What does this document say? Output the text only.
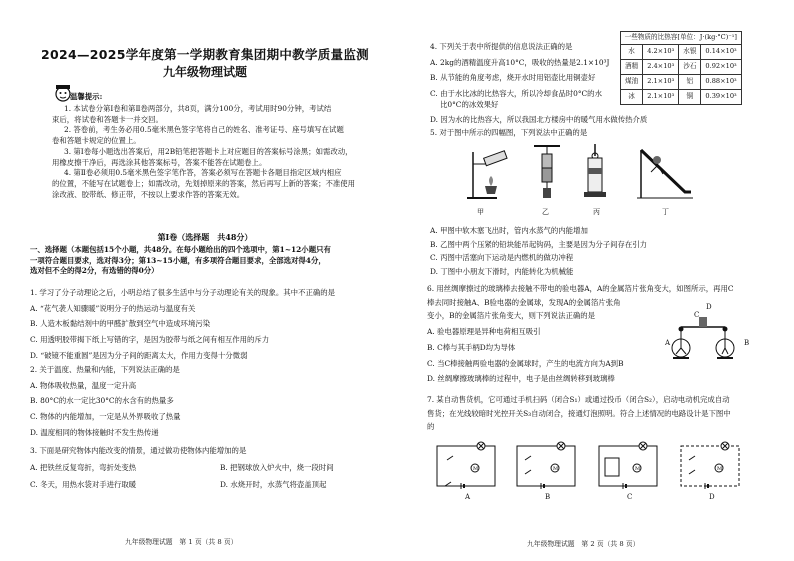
2024—2025学年度第一学期教育集团期中教学质量监测
九年级物理试题
温馨提示:
1. 本试卷分第Ⅰ卷和第Ⅱ卷两部分，共8页，满分100分，考试用时90分钟，考试结
束后，将试卷和答题卡一并交回。
2. 答卷前，考生务必用0.5毫米黑色签字笔将自己的姓名、准考证号、座号填写在试题
卷和答题卡规定的位置上。
3. 第Ⅰ卷每小题选出答案后，用2B铅笔把答题卡上对应题目的答案标号涂黑；如需改动，
用橡皮擦干净后，再选涂其他答案标号，答案不能答在试题卷上。
4. 第Ⅱ卷必须用0.5毫米黑色签字笔作答，答案必须写在答题卡各题目指定区域内相应
的位置，不能写在试题卷上；如需改动，先划掉原来的答案，然后再写上新的答案；不准使用
涂改液、胶带纸、修正带，不按以上要求作答的答案无效。
第Ⅰ卷（选择题　共48分）
一、选择题（本题包括15个小题，共48分。在每小题给出的四个选项中，第1~12小题只有
一项符合题目要求，选对得3分；第13~15小题，有多项符合题目要求，全部选对得4分，
选对但不全的得2分，有选错的得0分）
1. 学习了分子动理论之后，小明总结了很多生活中与分子动理论有关的现象。其中不正确的是
A. “花气袭人知骤暖”说明分子的热运动与温度有关
B. 人造木板黏结剂中的甲醛扩散到空气中造成环境污染
C. 用透明胶带揭下纸上写错的字，是因为胶带与纸之间有相互作用的斥力
D. “破镜不能重圆”是因为分子间的距离太大，作用力变得十分微弱
2. 关于温度、热量和内能，下列说法正确的是
A. 物体吸收热量，温度一定升高
B. 80°C的水一定比30°C的水含有的热量多
C. 物体的内能增加，一定是从外界吸收了热量
D. 温度相同的物体接触时不发生热传递
3. 下面是研究物体内能改变的情景，通过做功使物体内能增加的是
A. 把铁丝反复弯折，弯折处变热	B. 把钢球放入炉火中，烧一段时间
C. 冬天，用热水袋对手进行取暖	D. 水烧开时，水蒸气将壶盖顶起
九年级物理试题　第 1 页（共 8 页）
4. 下列关于表中所提供的信息说法正确的是
A. 2kg的酒精温度升高10°C，吸收的热量是2.1×10³J
B. 从节能的角度考虑，烧开水时用铝壶比用铜壶好
C. 由于水比冰的比热容大，所以冷却食品时0°C的水
比0°C的冰效果好
D. 因为水的比热容大，所以我国北方楼房中的暖气用水做传热介质
一些物质的比热容[单位：J·(kg·°C)⁻¹]
水	4.2×10³	水银	0.14×10³
酒精	2.4×10³	沙石	0.92×10³
煤油	2.1×10³	铝	0.88×10³
冰	2.1×10³	铜	0.39×10³
5. 对于图中所示的四幅图，下列说法中正确的是
甲	乙	丙	丁
A. 甲图中软木塞飞出时，管内水蒸气的内能增加
B. 乙图中两个压紧的铅块能吊起钩码，主要是因为分子间存在引力
C. 丙图中活塞向下运动是内燃机的做功冲程
D. 丁图中小朋友下滑时，内能转化为机械能
6. 用丝绸摩擦过的玻璃棒去接触不带电的验电器A，A的金属箔片张角变大，如图所示，再用C
棒去同时接触A、B验电器的金属球，发现A的金属箔片张角
变小，B的金属箔片张角变大，则下列说法正确的是
A. 验电器原理是异种电荷相互吸引
B. C棒与其手柄D均为导体
C. 当C棒接触两验电器的金属球时，产生的电流方向为A到B
D. 丝绸摩擦玻璃棒的过程中，电子是由丝绸转移到玻璃棒
A	B
C
D
7. 某自动售货机，它可通过手机扫码（闭合S₁）或通过投币（闭合S₂），启动电动机完成自动
售货；在光线较暗时光控开关S₃自动闭合，接通灯泡照明。符合上述情况的电路设计是下图中
的
M	M	M	M
A	B	C	D
九年级物理试题　第 2 页（共 8 页）
